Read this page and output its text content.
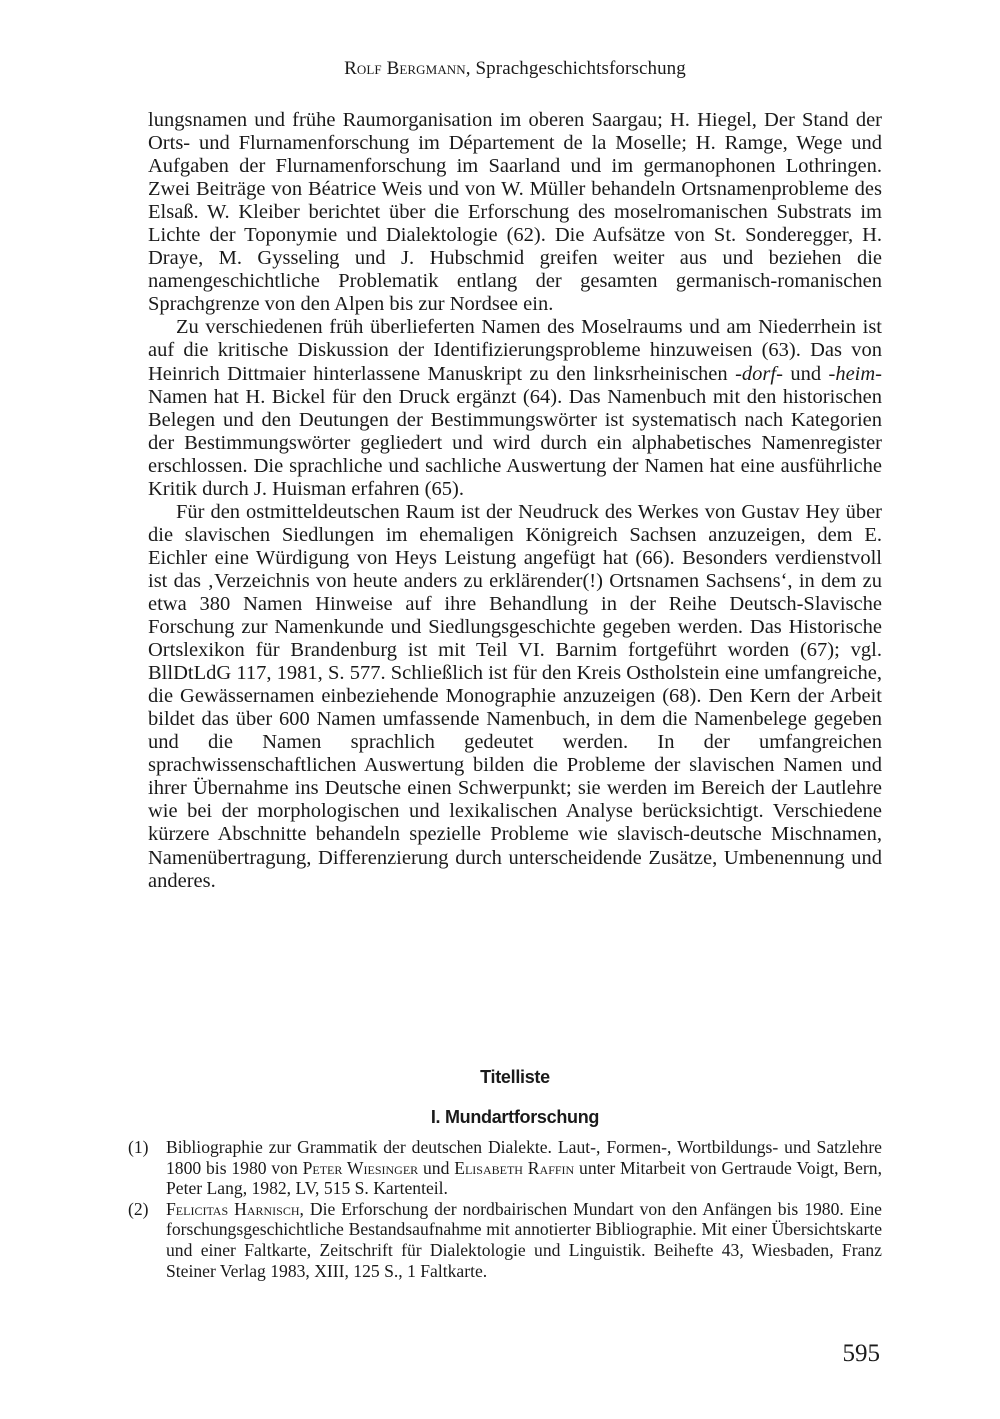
Rolf Bergmann, Sprachgeschichtsforschung

lungsnamen und frühe Raumorganisation im oberen Saargau; H. Hiegel, Der Stand der Orts- und Flurnamenforschung im Département de la Moselle; H. Ramge, Wege und Aufgaben der Flurnamenforschung im Saarland und im germanophonen Lothringen. Zwei Beiträge von Béatrice Weis und von W. Müller behandeln Ortsnamenprobleme des Elsaß. W. Kleiber berichtet über die Erforschung des moselromanischen Substrats im Lichte der Toponymie und Dialektologie (62). Die Aufsätze von St. Sonderegger, H. Draye, M. Gysseling und J. Hubschmid greifen weiter aus und beziehen die namengeschichtliche Problematik entlang der gesamten germanisch-romanischen Sprachgrenze von den Alpen bis zur Nordsee ein.

Zu verschiedenen früh überlieferten Namen des Moselraums und am Niederrhein ist auf die kritische Diskussion der Identifizierungsprobleme hinzuweisen (63). Das von Heinrich Dittmaier hinterlassene Manuskript zu den linksrheinischen -dorf- und -heim- Namen hat H. Bickel für den Druck ergänzt (64). Das Namenbuch mit den historischen Belegen und den Deutungen der Bestimmungswörter ist systematisch nach Kategorien der Bestimmungswörter gegliedert und wird durch ein alphabetisches Namenregister erschlossen. Die sprachliche und sachliche Auswertung der Namen hat eine ausführliche Kritik durch J. Huisman erfahren (65).

Für den ostmitteldeutschen Raum ist der Neudruck des Werkes von Gustav Hey über die slavischen Siedlungen im ehemaligen Königreich Sachsen anzuzeigen, dem E. Eichler eine Würdigung von Heys Leistung angefügt hat (66). Besonders verdienstvoll ist das ‚Verzeichnis von heute anders zu erklärender(!) Ortsnamen Sachsens‘, in dem zu etwa 380 Namen Hinweise auf ihre Behandlung in der Reihe Deutsch-Slavische Forschung zur Namenkunde und Siedlungsgeschichte gegeben werden. Das Historische Ortslexikon für Brandenburg ist mit Teil VI. Barnim fortgeführt worden (67); vgl. BllDtLdG 117, 1981, S. 577. Schließlich ist für den Kreis Ostholstein eine umfangreiche, die Gewässernamen einbeziehende Monographie anzuzeigen (68). Den Kern der Arbeit bildet das über 600 Namen umfassende Namenbuch, in dem die Namenbelege gegeben und die Namen sprachlich gedeutet werden. In der umfangreichen sprachwissenschaftlichen Auswertung bilden die Probleme der slavischen Namen und ihrer Übernahme ins Deutsche einen Schwerpunkt; sie werden im Bereich der Lautlehre wie bei der morphologischen und lexikalischen Analyse berücksichtigt. Verschiedene kürzere Abschnitte behandeln spezielle Probleme wie slavisch-deutsche Mischnamen, Namenübertragung, Differenzierung durch unterscheidende Zusätze, Umbenennung und anderes.

Titelliste
I. Mundartforschung
(1) Bibliographie zur Grammatik der deutschen Dialekte. Laut-, Formen-, Wortbildungs- und Satzlehre 1800 bis 1980 von Peter Wiesinger und Elisabeth Raffin unter Mitarbeit von Gertraude Voigt, Bern, Peter Lang, 1982, LV, 515 S. Kartenteil.
(2) Felicitas Harnisch, Die Erforschung der nordbairischen Mundart von den Anfängen bis 1980. Eine forschungsgeschichtliche Bestandsaufnahme mit annotierter Bibliographie. Mit einer Übersichtskarte und einer Faltkarte, Zeitschrift für Dialektologie und Linguistik. Beihefte 43, Wiesbaden, Franz Steiner Verlag 1983, XIII, 125 S., 1 Faltkarte.
595
